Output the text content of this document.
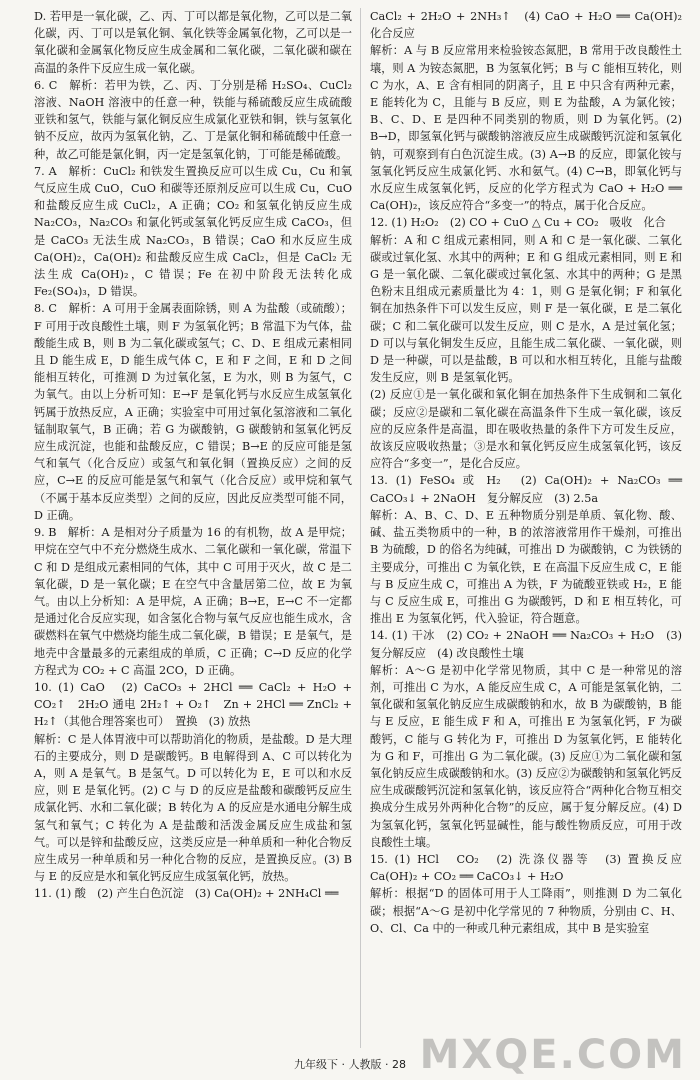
D. 若甲是一氧化碳，乙、丙、丁可以都是氧化物，乙可以是二氧化碳，丙、丁可以是氧化铜、氧化铁等金属氧化物，乙可以是一氧化碳和金属氧化物反应生成金属和二氧化碳，二氧化碳和碳在高温的条件下反应生成一氧化碳。

6. C　解析：若甲为铁，乙、丙、丁分别是稀 H₂SO₄、CuCl₂ 溶液、NaOH 溶液中的任意一种，铁能与稀硫酸反应生成硫酸亚铁和氢气，铁能与氯化铜反应生成氯化亚铁和铜，铁与氢氧化钠不反应，故丙为氢氧化钠，乙、丁是氯化铜和稀硫酸中任意一种，故乙可能是氯化铜，丙一定是氢氧化钠，丁可能是稀硫酸。

7. A　解析：CuCl₂ 和铁发生置换反应可以生成 Cu，Cu 和氧气反应生成 CuO，CuO 和碳等还原剂反应可以生成 Cu，CuO 和盐酸反应生成 CuCl₂，A 正确；CO₂ 和氢氧化钠反应生成 Na₂CO₃，Na₂CO₃ 和氯化钙或氢氧化钙反应生成 CaCO₃，但是 CaCO₃ 无法生成 Na₂CO₃，B 错误；CaO 和水反应生成 Ca(OH)₂，Ca(OH)₂ 和盐酸反应生成 CaCl₂，但是 CaCl₂ 无法生成 Ca(OH)₂，C 错误；Fe 在初中阶段无法转化成 Fe₂(SO₄)₃，D 错误。

8. C　解析：A 可用于金属表面除锈，则 A 为盐酸（或硫酸）；F 可用于改良酸性土壤，则 F 为氢氧化钙；B 常温下为气体，盐酸能生成 B，则 B 为二氧化碳或氢气；C、D、E 组成元素相同且 D 能生成 E，D 能生成气体 C，E 和 F 之间，E 和 D 之间能相互转化，可推测 D 为过氧化氢，E 为水，则 B 为氢气，C 为氧气。由以上分析可知：E→F 是氧化钙与水反应生成氢氧化钙属于放热反应，A 正确；实验室中可用过氧化氢溶液和二氧化锰制取氧气，B 正确；若 G 为碳酸钠，G 碳酸钠和氢氧化钙反应生成沉淀，也能和盐酸反应，C 错误；B→E 的反应可能是氢气和氧气（化合反应）或氢气和氧化铜（置换反应）之间的反应，C→E 的反应可能是氢气和氧气（化合反应）或甲烷和氧气（不属于基本反应类型）之间的反应，因此反应类型可能不同，D 正确。

9. B　解析：A 是相对分子质量为 16 的有机物，故 A 是甲烷；甲烷在空气中不充分燃烧生成水、二氧化碳和一氧化碳，常温下 C 和 D 是组成元素相同的气体，其中 C 可用于灭火，故 C 是二氧化碳，D 是一氧化碳；E 在空气中含量居第二位，故 E 为氧气。由以上分析知：A 是甲烷，A 正确；B→E，E→C 不一定都是通过化合反应实现，如含氢化合物与氧气反应也能生成水，含碳燃料在氧气中燃烧均能生成二氧化碳，B 错误；E 是氧气，是地壳中含量最多的元素组成的单质，C 正确；C→D 反应的化学方程式为 CO₂ + C 高温 2CO，D 正确。

10. (1) CaO　(2) CaCO₃ + 2HCl ══ CaCl₂ + H₂O + CO₂↑　2H₂O 通电 2H₂↑ + O₂↑　Zn + 2HCl ══ ZnCl₂ + H₂↑（其他合理答案也可）　置换　(3) 放热

解析：C 是人体胃液中可以帮助消化的物质，是盐酸。D 是大理石的主要成分，则 D 是碳酸钙。B 电解得到 A、C 可以转化为 A，则 A 是氧气。B 是氢气。D 可以转化为 E，E 可以和水反应，则 E 是氧化钙。(2) C 与 D 的反应是盐酸和碳酸钙反应生成氯化钙、水和二氧化碳；B 转化为 A 的反应是水通电分解生成氢气和氧气；C 转化为 A 是盐酸和活泼金属反应生成盐和氢气。可以是锌和盐酸反应，这类反应是一种单质和一种化合物反应生成另一种单质和另一种化合物的反应，是置换反应。(3) B 与 E 的反应是水和氧化钙反应生成氢氧化钙，放热。

11. (1) 酸　(2) 产生白色沉淀　(3) Ca(OH)₂ + 2NH₄Cl ══

CaCl₂ + 2H₂O + 2NH₃↑　(4) CaO + H₂O ══ Ca(OH)₂　化合反应

解析：A 与 B 反应常用来检验铵态氮肥，B 常用于改良酸性土壤，则 A 为铵态氮肥，B 为氢氧化钙；B 与 C 能相互转化，则 C 为水，A、E 含有相同的阴离子，且 E 中只含有两种元素，E 能转化为 C，且能与 B 反应，则 E 为盐酸，A 为氯化铵；B、C、D、E 是四种不同类别的物质，则 D 为氧化钙。(2) B→D，即氢氧化钙与碳酸钠溶液反应生成碳酸钙沉淀和氢氧化钠，可观察到有白色沉淀生成。(3) A→B 的反应，即氯化铵与氢氧化钙反应生成氯化钙、水和氨气。(4) C→B，即氧化钙与水反应生成氢氧化钙，反应的化学方程式为 CaO + H₂O ══ Ca(OH)₂，该反应符合“多变一”的特点，属于化合反应。

12. (1) H₂O₂　(2) CO + CuO △ Cu + CO₂　吸收　化合

解析：A 和 C 组成元素相同，则 A 和 C 是一氧化碳、二氧化碳或过氧化氢、水其中的两种；E 和 G 组成元素相同，则 E 和 G 是一氧化碳、二氧化碳或过氧化氢、水其中的两种；G 是黑色粉末且组成元素质量比为 4：1，则 G 是氧化铜；F 和氧化铜在加热条件下可以发生反应，则 F 是一氧化碳，E 是二氧化碳；C 和二氧化碳可以发生反应，则 C 是水，A 是过氧化氢；D 可以与氧化铜发生反应，且能生成二氧化碳、一氧化碳，则 D 是一种碳，可以是盐酸，B 可以和水相互转化，且能与盐酸发生反应，则 B 是氢氧化钙。

(2) 反应①是一氧化碳和氧化铜在加热条件下生成铜和二氧化碳；反应②是碳和二氧化碳在高温条件下生成一氧化碳，该反应的反应条件是高温，即在吸收热量的条件下方可发生反应，故该反应吸收热量；③是水和氧化钙反应生成氢氧化钙，该反应符合“多变一”，是化合反应。

13. (1) FeSO₄ 或 H₂　(2) Ca(OH)₂ + Na₂CO₃ ══ CaCO₃↓ + 2NaOH　复分解反应　(3) 2.5a

解析：A、B、C、D、E 五种物质分别是单质、氧化物、酸、碱、盐五类物质中的一种，B 的浓溶液常用作干燥剂，可推出 B 为硫酸，D 的俗名为纯碱，可推出 D 为碳酸钠，C 为铁锈的主要成分，可推出 C 为氧化铁，E 在高温下反应生成 C，E 能与 B 反应生成 C，可推出 A 为铁，F 为硫酸亚铁或 H₂，E 能与 C 反应生成 E，可推出 G 为碳酸钙，D 和 E 相互转化，可推出 E 为氢氧化钙，代入验证，符合题意。

14. (1) 干冰　(2) CO₂ + 2NaOH ══ Na₂CO₃ + H₂O　(3) 复分解反应　(4) 改良酸性土壤

解析：A～G 是初中化学常见物质，其中 C 是一种常见的溶剂，可推出 C 为水，A 能反应生成 C，A 可能是氢氧化钠，二氧化碳和氢氧化钠反应生成碳酸钠和水，故 B 为碳酸钠，B 能与 E 反应，E 能生成 F 和 A，可推出 E 为氢氧化钙，F 为碳酸钙，C 能与 G 转化为 F，可推出 D 为氢氧化钙，E 能转化为 G 和 F，可推出 G 为二氧化碳。(3) 反应①为二氧化碳和氢氧化钠反应生成碳酸钠和水。(3) 反应②为碳酸钠和氢氧化钙反应生成碳酸钙沉淀和氢氧化钠，该反应符合“两种化合物互相交换成分生成另外两种化合物”的反应，属于复分解反应。(4) D 为氢氧化钙，氢氧化钙显碱性，能与酸性物质反应，可用于改良酸性土壤。

15. (1) HCl　CO₂　(2) 洗涤仪器等　(3) 置换反应　Ca(OH)₂ + CO₂ ══ CaCO₃↓ + H₂O

解析：根据“D 的固体可用于人工降雨”，则推测 D 为二氧化碳；根据“A～G 是初中化学常见的 7 种物质，分别由 C、H、O、Cl、Ca 中的一种或几种元素组成，其中 B 是实验室

九年级下 · 人教版 · 28 MXQE.COM
